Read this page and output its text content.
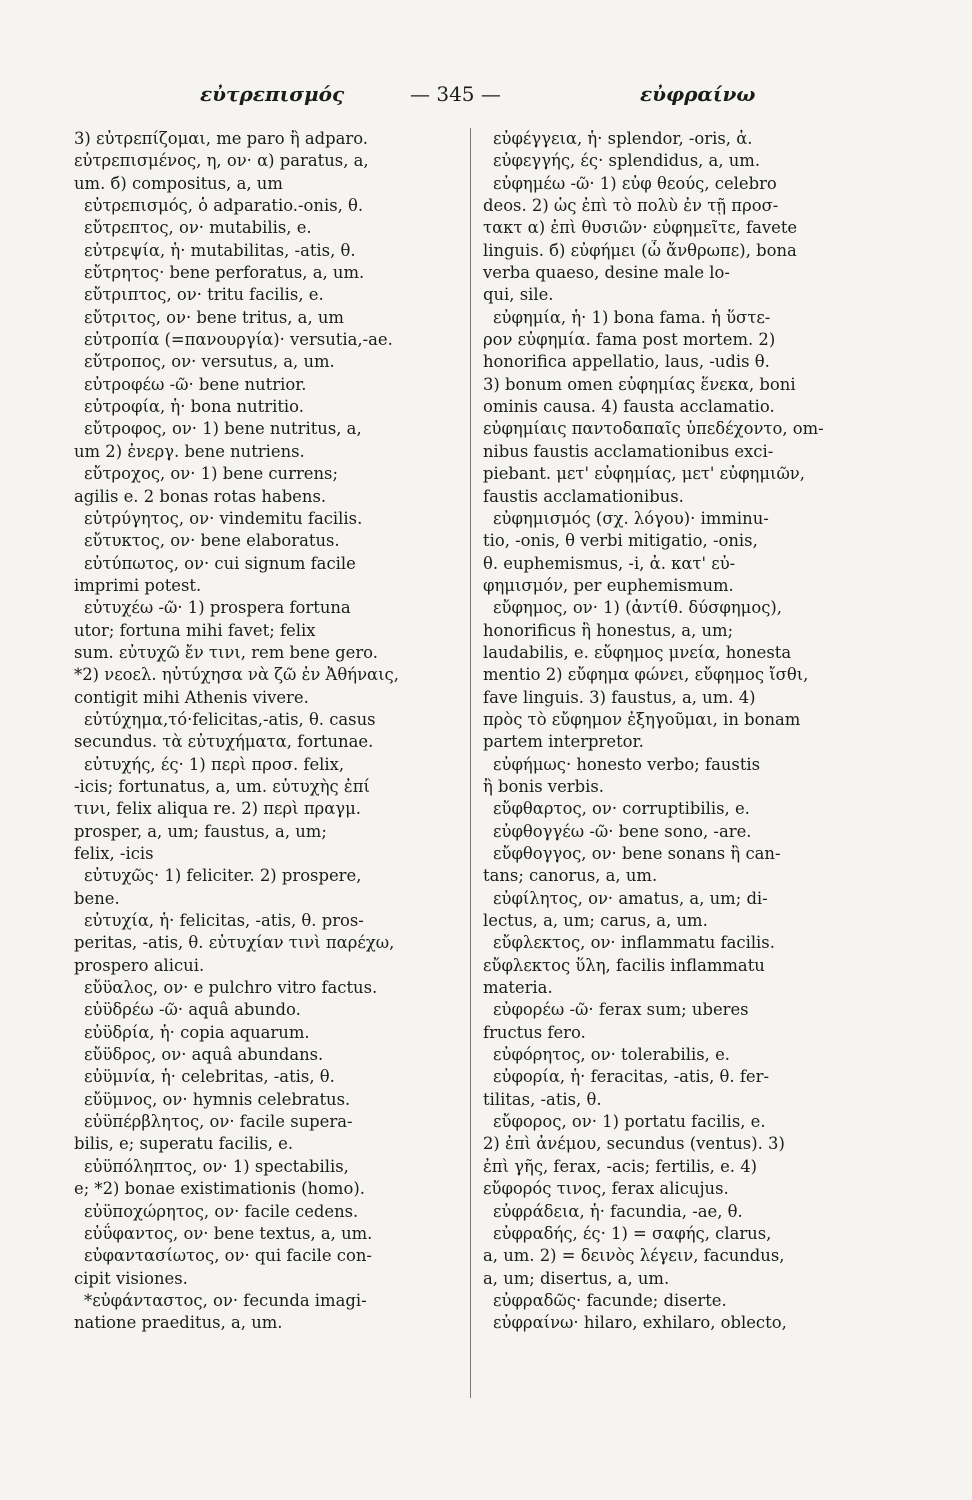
εὐτρεπισμός	— 345 —	εὐφραίνω
3) εὐτρεπίζομαι, me paro ἢ adparo.
εὐτρεπισμένος, η, ον· α) paratus, a,
um. б) compositus, a, um
εὐτρεπισμός, ὁ adparatio.-onis, θ.
εὔτρεπτος, ον· mutabilis, e.
εὐτρεψία, ἡ· mutabilitas, -atis, θ.
εὔτρητος· bene perforatus, a, um.
εὔτριπτος, ον· tritu facilis, e.
εὔτριτος, ον· bene tritus, a, um
εὐτροπία (=πανουργία)· versutia,-ae.
εὔτροπος, ον· versutus, a, um.
εὐτροφέω -ῶ· bene nutrior.
εὐτροφία, ἡ· bona nutritio.
εὔτροφος, ον· 1) bene nutritus, a,
um 2) ἐνεργ. bene nutriens.
εὔτροχος, ον· 1) bene currens;
agilis e. 2 bonas rotas habens.
εὐτρύγητος, ον· vindemitu facilis.
εὔτυκτος, ον· bene elaboratus.
εὐτύπωτος, ον· cui signum facile
imprimi potest.
εὐτυχέω -ῶ· 1) prospera fortuna
utor; fortuna mihi favet; felix
sum. εὐτυχῶ ἔν τινι, rem bene gero.
*2) νεοελ. ηὐτύχησα νὰ ζῶ ἐν Ἀθήναις,
contigit mihi Athenis vivere.
εὐτύχημα,τό·felicitas,-atis, θ. casus
secundus. τὰ εὐτυχήματα, fortunae.
εὐτυχής, ές· 1) περὶ προσ. felix,
-icis; fortunatus, a, um. εὐτυχὴς ἐπί
τινι, felix aliqua re. 2) περὶ πραγμ.
prosper, a, um; faustus, a, um;
felix, -icis
εὐτυχῶς· 1) feliciter. 2) prospere,
bene.
εὐτυχία, ἡ· felicitas, -atis, θ. pros-
peritas, -atis, θ. εὐτυχίαν τινὶ παρέχω,
prospero alicui.
εὔϋαλος, ον· e pulchro vitro factus.
εὐϋδρέω -ῶ· aquâ abundo.
εὐϋδρία, ἡ· copia aquarum.
εὔϋδρος, ον· aquâ abundans.
εὐϋμνία, ἡ· celebritas, -atis, θ.
εὔϋμνος, ον· hymnis celebratus.
εὐϋπέρβλητος, ον· facile supera-
bilis, e; superatu facilis, e.
εὐϋπόληπτος, ον· 1) spectabilis,
e; *2) bonae existimationis (homo).
εὐϋποχώρητος, ον· facile cedens.
εὐΰφαντος, ον· bene textus, a, um.
εὐφαντασίωτος, ον· qui facile con-
cipit visiones.
*εὐφάνταστος, ον· fecunda imagi-
natione praeditus, a, um.
εὐφέγγεια, ἡ· splendor, -oris, ἀ.
εὐφεγγής, ές· splendidus, a, um.
εὐφημέω -ῶ· 1) εὐφ θεούς, celebro
deos. 2) ὡς ἐπὶ τὸ πολὺ ἐν τῇ προσ-
τακτ α) ἐπὶ θυσιῶν· εὐφημεῖτε, favete
linguis. б) εὐφήμει (ὦ ἄνθρωπε), bona
verba quaeso, desine male lo-
qui, sile.
εὐφημία, ἡ· 1) bona fama. ἡ ὕστε-
ρον εὐφημία. fama post mortem. 2)
honorifica appellatio, laus, -udis θ.
3) bonum omen εὐφημίας ἕνεκα, boni
ominis causa. 4) fausta acclamatio.
εὐφημίαις παντοδαπαῖς ὑπεδέχοντο, om-
nibus faustis acclamationibus exci-
piebant. μετ' εὐφημίας, μετ' εὐφημιῶν,
faustis acclamationibus.
εὐφημισμός (σχ. λόγου)· imminu-
tio, -onis, θ verbi mitigatio, -onis,
θ. euphemismus, -i, ἀ. κατ' εὐ-
φημισμόν, per euphemismum.
εὔφημος, ον· 1) (ἀντίθ. δύσφημος),
honorificus ἢ honestus, a, um;
laudabilis, e. εὔφημος μνεία, honesta
mentio 2) εὔφημα φώνει, εὔφημος ἴσθι,
fave linguis. 3) faustus, a, um. 4)
πρὸς τὸ εὔφημον ἐξηγοῦμαι, in bonam
partem interpretor.
εὐφήμως· honesto verbo; faustis
ἢ bonis verbis.
εὔφθαρτος, ον· corruptibilis, e.
εὐφθογγέω -ῶ· bene sono, -are.
εὔφθογγος, ον· bene sonans ἢ can-
tans; canorus, a, um.
εὐφίλητος, ον· amatus, a, um; di-
lectus, a, um; carus, a, um.
εὔφλεκτος, ον· inflammatu facilis.
εὔφλεκτος ὕλη, facilis inflammatu
materia.
εὐφορέω -ῶ· ferax sum; uberes
fructus fero.
εὐφόρητος, ον· tolerabilis, e.
εὐφορία, ἡ· feracitas, -atis, θ. fer-
tilitas, -atis, θ.
εὔφορος, ον· 1) portatu facilis, e.
2) ἐπὶ ἀνέμου, secundus (ventus). 3)
ἐπὶ γῆς, ferax, -acis; fertilis, e. 4)
εὔφορός τινος, ferax alicujus.
εὐφράδεια, ἡ· facundia, -ae, θ.
εὐφραδής, ές· 1) = σαφής, clarus,
a, um. 2) = δεινὸς λέγειν, facundus,
a, um; disertus, a, um.
εὐφραδῶς· facunde; diserte.
εὐφραίνω· hilaro, exhilaro, oblecto,
